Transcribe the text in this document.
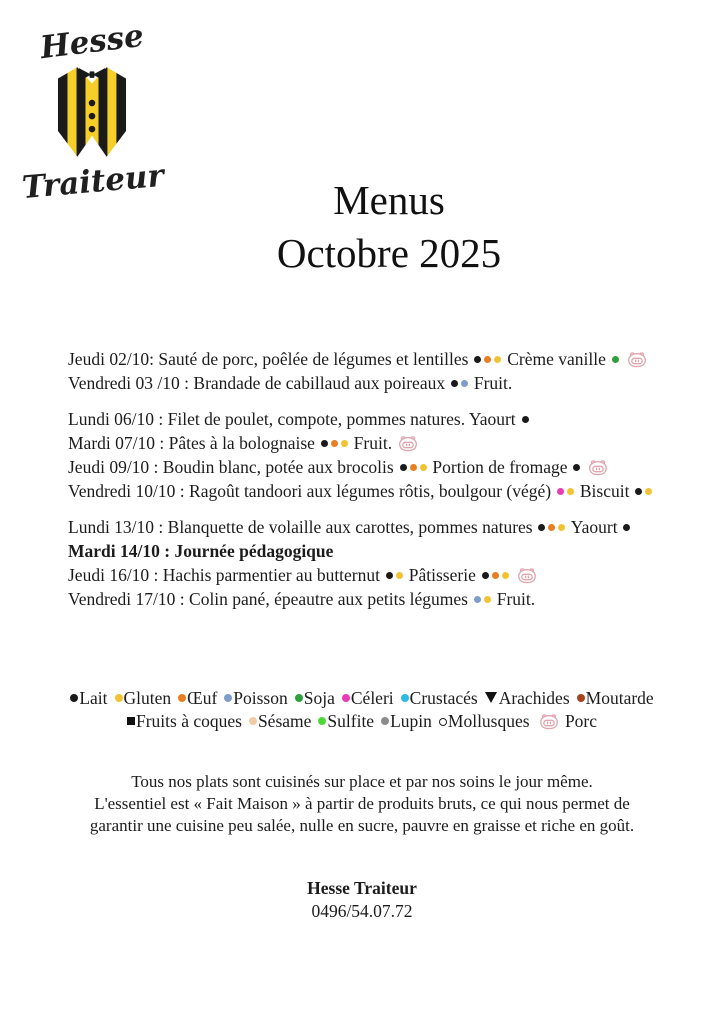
Hesse
Traiteur	Menus
Octobre 2025
Jeudi 02/10: Sauté de porc, poêlée de légumes et lentilles  Crème vanille
Vendredi 03 /10 : Brandade de cabillaud aux poireaux  Fruit.
Lundi 06/10 : Filet de poulet, compote, pommes natures. Yaourt
Mardi 07/10 : Pâtes à la bolognaise  Fruit.
Jeudi 09/10 : Boudin blanc, potée aux brocolis  Portion de fromage
Vendredi 10/10 : Ragoût tandoori aux légumes rôtis, boulgour (végé)  Biscuit
Lundi 13/10 : Blanquette de volaille aux carottes, pommes natures  Yaourt
Mardi 14/10 : Journée pédagogique
Jeudi 16/10 : Hachis parmentier au butternut  Pâtisserie
Vendredi 17/10 : Colin pané, épeautre aux petits légumes  Fruit.
Lait Gluten Œuf Poisson Soja Céleri Crustacés Arachides Moutarde
Fruits à coques Sésame Sulfite Lupin Mollusques Porc
Tous nos plats sont cuisinés sur place et par nos soins le jour même.
L'essentiel est « Fait Maison » à partir de produits bruts, ce qui nous permet de
garantir une cuisine peu salée, nulle en sucre, pauvre en graisse et riche en goût.
Hesse Traiteur
0496/54.07.72
